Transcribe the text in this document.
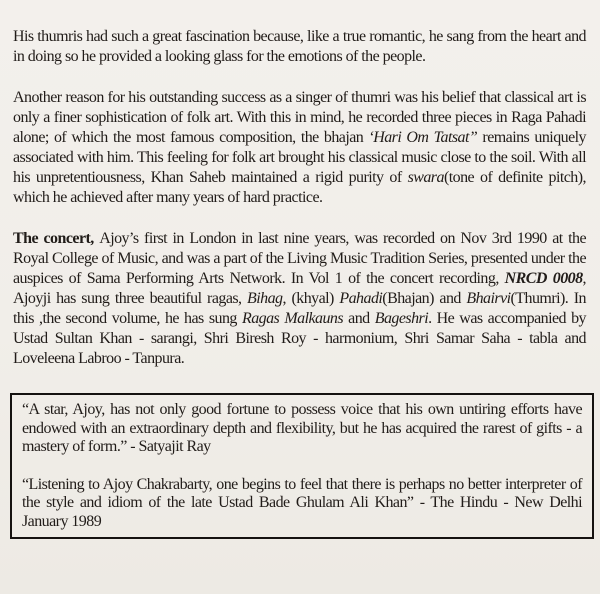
His thumris had such a great fascination because, like a true romantic, he sang from the heart and in doing so he provided a looking glass for the emotions of the people.

Another reason for his outstanding success as a singer of thumri was his belief that classical art is only a finer sophistication of folk art. With this in mind, he recorded three pieces in Raga Pahadi alone; of which the most famous composition, the bhajan ‘Hari Om Tatsat” remains uniquely associated with him. This feeling for folk art brought his classical music close to the soil. With all his unpretentiousness, Khan Saheb maintained a rigid purity of swara(tone of definite pitch), which he achieved after many years of hard practice.

The concert, Ajoy’s first in London in last nine years, was recorded on Nov 3rd 1990 at the Royal College of Music, and was a part of the Living Music Tradition Series, presented under the auspices of Sama Performing Arts Network. In Vol 1 of the concert recording, NRCD 0008, Ajoyji has sung three beautiful ragas, Bihag, (khyal) Pahadi(Bhajan) and Bhairvi(Thumri). In this ,the second volume, he has sung Ragas Malkauns and Bageshri. He was accompanied by Ustad Sultan Khan - sarangi, Shri Biresh Roy - harmonium, Shri Samar Saha - tabla and Loveleena Labroo - Tanpura.

“A star, Ajoy, has not only good fortune to possess voice that his own untiring efforts have endowed with an extraordinary depth and flexibility, but he has acquired the rarest of gifts - a mastery of form.” - Satyajit Ray

“Listening to Ajoy Chakrabarty, one begins to feel that there is perhaps no better interpreter of the style and idiom of the late Ustad Bade Ghulam Ali Khan” - The Hindu - New Delhi January 1989
